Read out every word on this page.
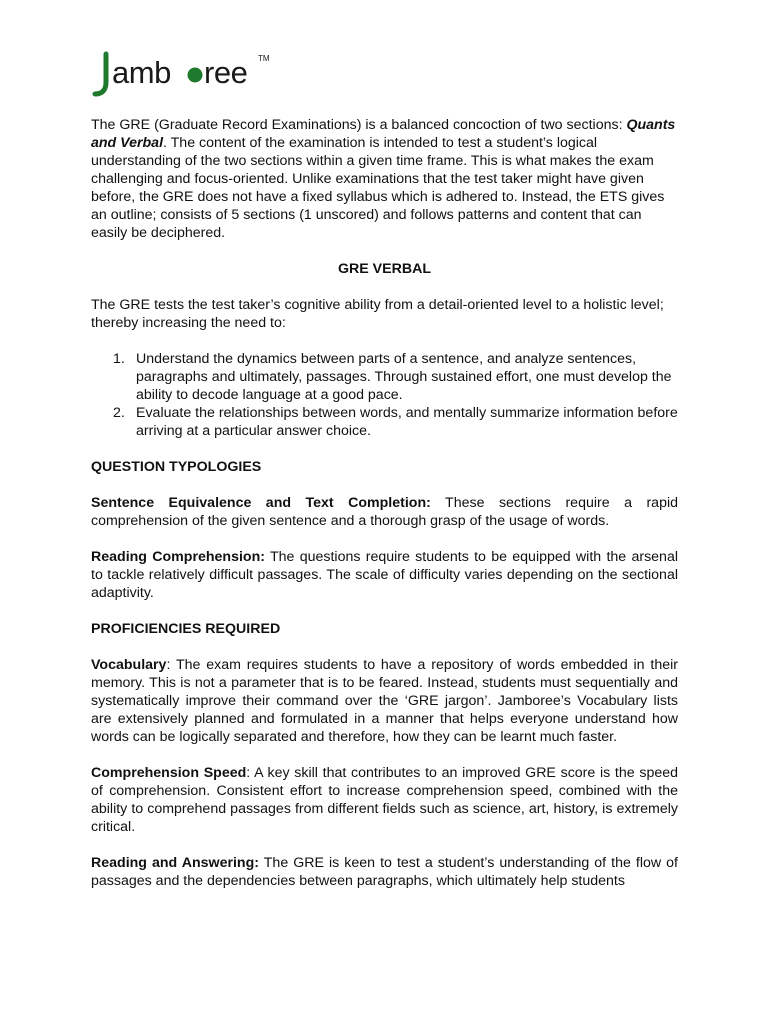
amb ree TM

The GRE (Graduate Record Examinations) is a balanced concoction of two sections: Quants and Verbal. The content of the examination is intended to test a student’s logical understanding of the two sections within a given time frame. This is what makes the exam challenging and focus-oriented. Unlike examinations that the test taker might have given before, the GRE does not have a fixed syllabus which is adhered to. Instead, the ETS gives an outline; consists of 5 sections (1 unscored) and follows patterns and content that can easily be deciphered.

GRE VERBAL

The GRE tests the test taker’s cognitive ability from a detail-oriented level to a holistic level; thereby increasing the need to:

1. Understand the dynamics between parts of a sentence, and analyze sentences, paragraphs and ultimately, passages. Through sustained effort, one must develop the ability to decode language at a good pace.
2. Evaluate the relationships between words, and mentally summarize information before arriving at a particular answer choice.
QUESTION TYPOLOGIES

Sentence Equivalence and Text Completion: These sections require a rapid comprehension of the given sentence and a thorough grasp of the usage of words.

Reading Comprehension: The questions require students to be equipped with the arsenal to tackle relatively difficult passages. The scale of difficulty varies depending on the sectional adaptivity.

PROFICIENCIES REQUIRED

Vocabulary: The exam requires students to have a repository of words embedded in their memory. This is not a parameter that is to be feared. Instead, students must sequentially and systematically improve their command over the ‘GRE jargon’. Jamboree’s Vocabulary lists are extensively planned and formulated in a manner that helps everyone understand how words can be logically separated and therefore, how they can be learnt much faster.

Comprehension Speed: A key skill that contributes to an improved GRE score is the speed of comprehension. Consistent effort to increase comprehension speed, combined with the ability to comprehend passages from different fields such as science, art, history, is extremely critical.

Reading and Answering: The GRE is keen to test a student’s understanding of the flow of passages and the dependencies between paragraphs, which ultimately help students
